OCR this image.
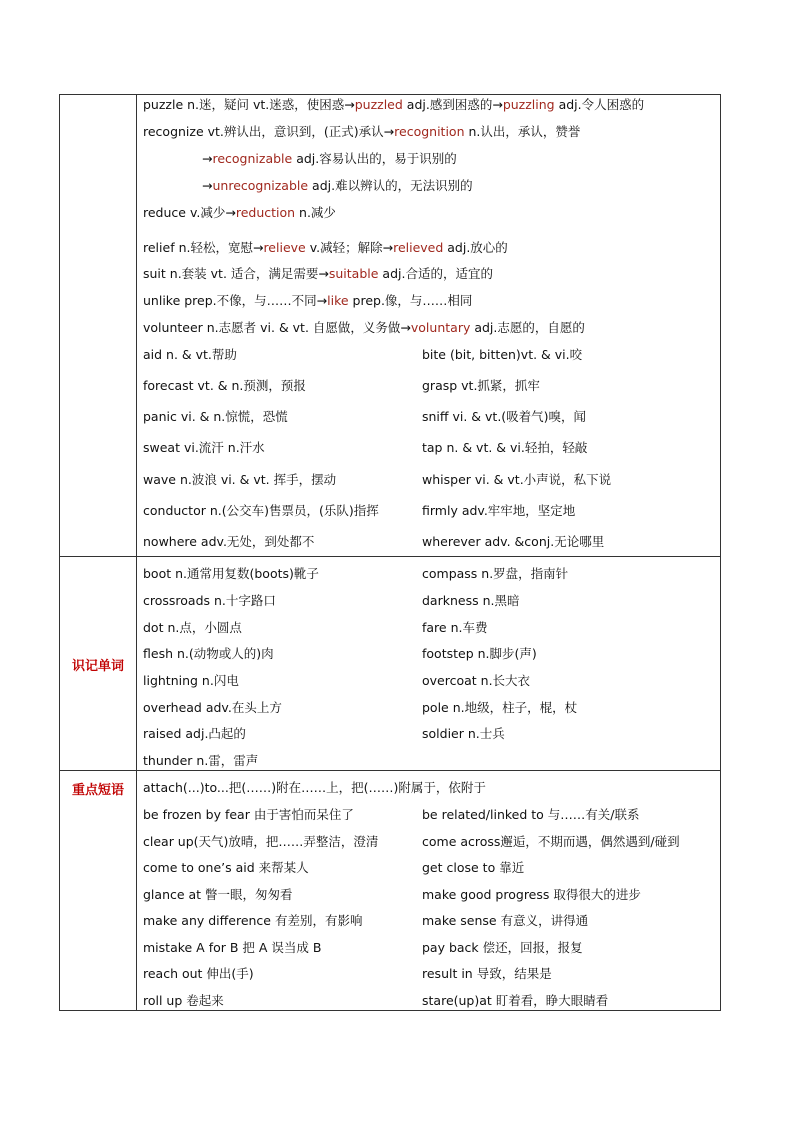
识记单词
重点短语
puzzle n.迷，疑问 vt.迷惑，使困惑→puzzled adj.感到困惑的→puzzling adj.令人困惑的
recognize vt.辨认出，意识到，(正式)承认→recognition n.认出，承认，赞誉
→recognizable adj.容易认出的，易于识别的
→unrecognizable adj.难以辨认的，无法识别的
reduce v.减少→reduction n.减少
relief n.轻松，宽慰→relieve v.减轻；解除→relieved adj.放心的
suit n.套装 vt. 适合，满足需要→suitable adj.合适的，适宜的
unlike prep.不像，与……不同→like prep.像，与……相同
volunteer n.志愿者 vi. & vt. 自愿做，义务做→voluntary adj.志愿的，自愿的
aid n. & vt.帮助	bite (bit, bitten)vt. & vi.咬
forecast vt. & n.预测，预报	grasp vt.抓紧，抓牢
panic vi. & n.惊慌，恐慌	sniff vi. & vt.(吸着气)嗅，闻
sweat vi.流汗 n.汗水	tap n. & vt. & vi.轻拍，轻敲
wave n.波浪 vi. & vt. 挥手，摆动	whisper vi. & vt.小声说，私下说
conductor n.(公交车)售票员，(乐队)指挥	firmly adv.牢牢地，坚定地
nowhere adv.无处，到处都不	wherever adv. &conj.无论哪里
boot n.通常用复数(boots)靴子	compass n.罗盘，指南针
crossroads n.十字路口	darkness n.黑暗
dot n.点，小圆点	fare n.车费
flesh n.(动物或人的)肉	footstep n.脚步(声)
lightning n.闪电	overcoat n.长大衣
overhead adv.在头上方	pole n.地级，柱子，棍，杖
raised adj.凸起的	soldier n.士兵
thunder n.雷，雷声
attach(...)to...把(……)附在……上，把(……)附属于，依附于
be frozen by fear 由于害怕而呆住了	be related/linked to 与……有关/联系
clear up(天气)放晴，把……弄整洁，澄清	come across邂逅，不期而遇，偶然遇到/碰到
come to one’s aid 来帮某人	get close to 靠近
glance at 瞥一眼，匆匆看	make good progress 取得很大的进步
make any difference 有差别，有影响	make sense 有意义，讲得通
mistake A for B 把 A 误当成 B	pay back 偿还，回报，报复
reach out 伸出(手)	result in 导致，结果是
roll up 卷起来	stare(up)at 盯着看，睁大眼睛看
